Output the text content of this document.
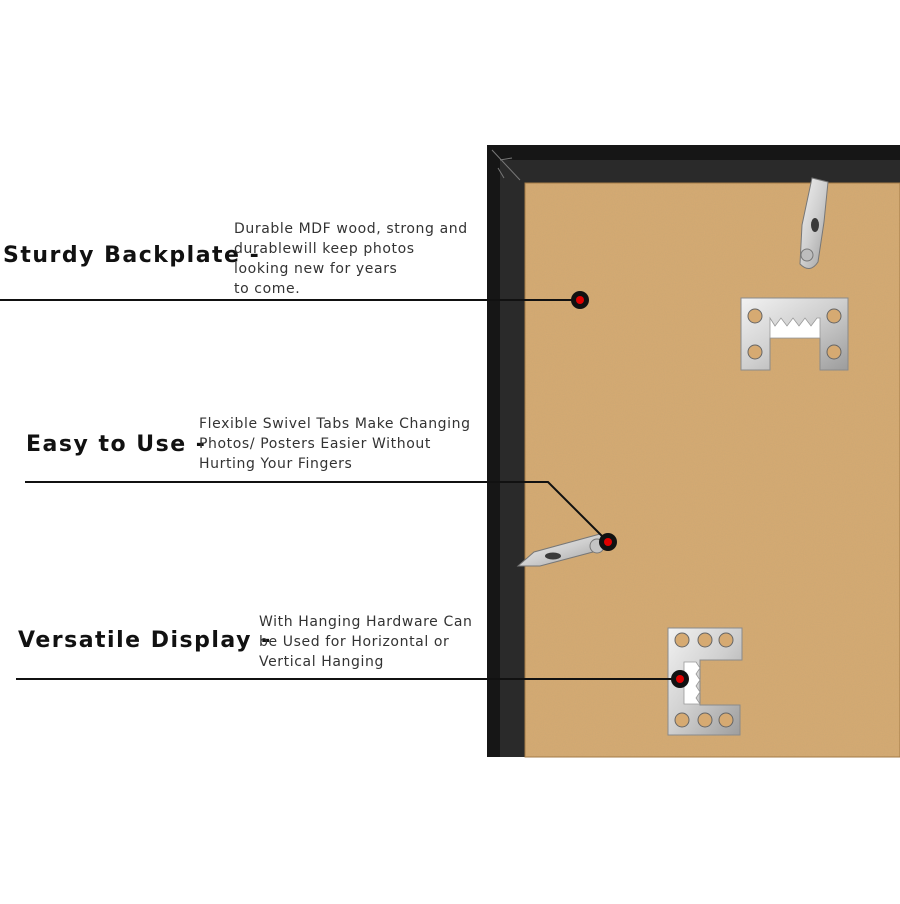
Sturdy Backplate -
Durable MDF wood, strong and
durablewill keep photos
looking new for years
to come.
Easy to Use -
Flexible Swivel Tabs Make Changing
Photos/ Posters Easier Without
Hurting Your Fingers
Versatile Display -
With Hanging Hardware Can
be Used for Horizontal or
Vertical Hanging
